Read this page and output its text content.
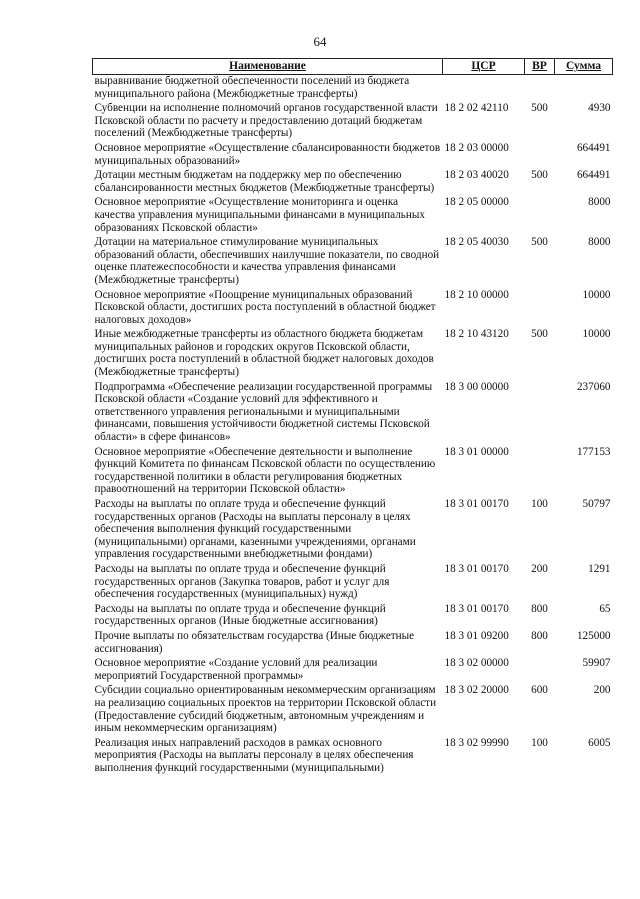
64
Наименование	ЦСР	ВР	Сумма
выравнивание бюджетной обеспеченности поселений из бюджета муниципального района (Межбюджетные трансферты)			
Субвенции на исполнение полномочий органов государственной власти Псковской области по расчету и предоставлению дотаций бюджетам поселений (Межбюджетные трансферты)	18 2 02 42110	500	4930
Основное мероприятие «Осуществление сбалансированности бюджетов муниципальных образований»	18 2 03 00000		664491
Дотации местным бюджетам на поддержку мер по обеспечению сбалансированности местных бюджетов (Межбюджетные трансферты)	18 2 03 40020	500	664491
Основное мероприятие «Осуществление мониторинга и оценка качества управления муниципальными финансами в муниципальных образованиях Псковской области»	18 2 05 00000		8000
Дотации на материальное стимулирование муниципальных образований области, обеспечивших наилучшие показатели, по сводной оценке платежеспособности и качества управления финансами (Межбюджетные трансферты)	18 2 05 40030	500	8000
Основное мероприятие «Поощрение муниципальных образований Псковской области, достигших роста поступлений в областной бюджет налоговых доходов»	18 2 10 00000		10000
Иные межбюджетные трансферты из областного бюджета бюджетам муниципальных районов и городских округов Псковской области, достигших роста поступлений в областной бюджет налоговых доходов (Межбюджетные трансферты)	18 2 10 43120	500	10000
Подпрограмма «Обеспечение реализации государственной программы Псковской области «Создание условий для эффективного и ответственного управления региональными и муниципальными финансами, повышения устойчивости бюджетной системы Псковской области» в сфере финансов»	18 3 00 00000		237060
Основное мероприятие «Обеспечение деятельности и выполнение функций Комитета по финансам Псковской области по осуществлению государственной политики в области регулирования бюджетных правоотношений на территории Псковской области»	18 3 01 00000		177153
Расходы на выплаты по оплате труда и обеспечение функций государственных органов (Расходы на выплаты персоналу в целях обеспечения выполнения функций государственными (муниципальными) органами, казенными учреждениями, органами управления государственными внебюджетными фондами)	18 3 01 00170	100	50797
Расходы на выплаты по оплате труда и обеспечение функций государственных органов (Закупка товаров, работ и услуг для обеспечения государственных (муниципальных) нужд)	18 3 01 00170	200	1291
Расходы на выплаты по оплате труда и обеспечение функций государственных органов (Иные бюджетные ассигнования)	18 3 01 00170	800	65
Прочие выплаты по обязательствам государства (Иные бюджетные ассигнования)	18 3 01 09200	800	125000
Основное мероприятие «Создание условий для реализации мероприятий Государственной программы»	18 3 02 00000		59907
Субсидии социально ориентированным некоммерческим организациям на реализацию социальных проектов на территории Псковской области (Предоставление субсидий бюджетным, автономным учреждениям и иным некоммерческим организациям)	18 3 02 20000	600	200
Реализация иных направлений расходов в рамках основного мероприятия (Расходы на выплаты персоналу в целях обеспечения выполнения функций государственными (муниципальными)	18 3 02 99990	100	6005
